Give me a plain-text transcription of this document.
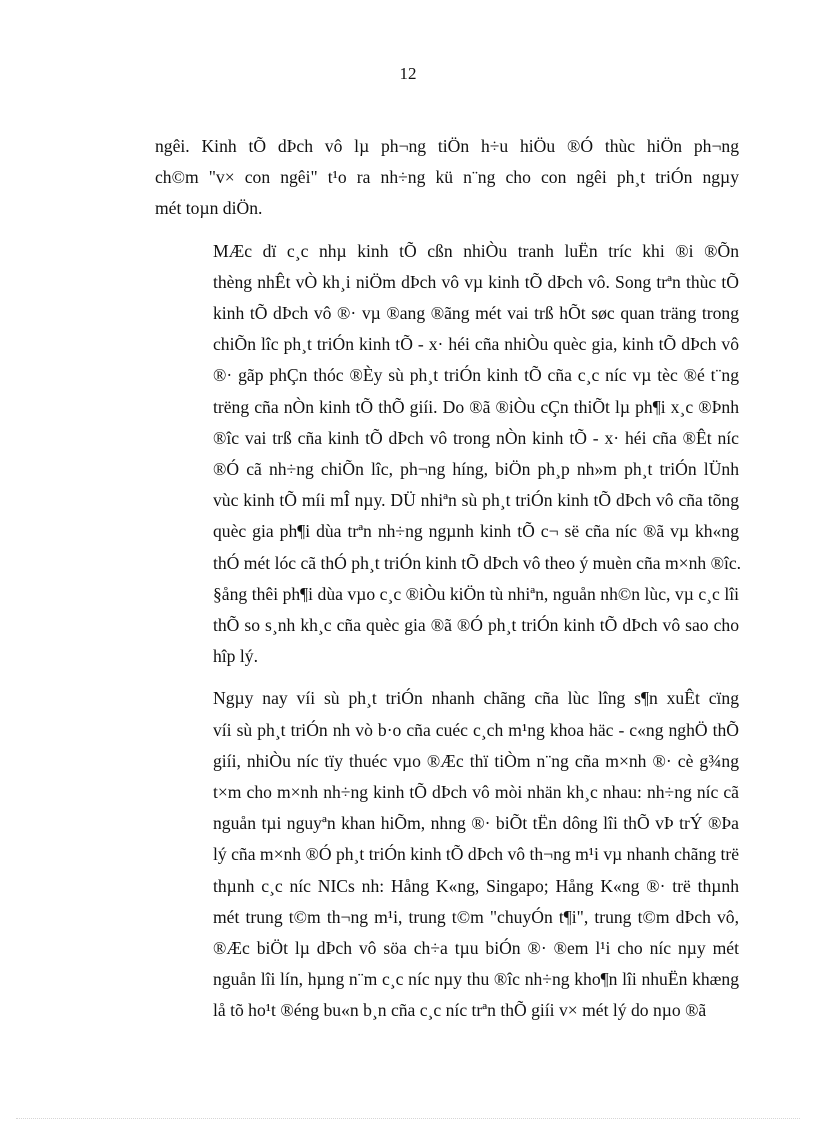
12
ngêi. Kinh tÕ dÞch vô lµ ph¬ng tiÖn h÷u hiÖu ®Ó thùc hiÖn ph¬ng
ch©m "v× con ngêi" t¹o ra nh÷ng kü n¨ng cho con ngêi ph¸t triÓn ngµy
mét toµn diÖn.
MÆc dï c¸c nhµ kinh tÕ cßn nhiÒu tranh luËn tríc khi ®i ®Õn
thèng nhÊt vÒ kh¸i niÖm dÞch vô vµ kinh tÕ dÞch vô. Song trªn thùc tÕ
kinh tÕ dÞch vô ®· vµ ®ang ®ãng mét vai trß hÕt søc quan träng trong
chiÕn lîc ph¸t triÓn kinh tÕ - x· héi cña nhiÒu quèc gia, kinh tÕ dÞch vô
®· gãp phÇn thóc ®Èy sù ph¸t triÓn kinh tÕ cña c¸c níc vµ tèc ®é t¨ng
trëng cña nÒn kinh tÕ thÕ giíi. Do ®ã ®iÒu cÇn thiÕt lµ ph¶i x¸c ®Þnh
®îc vai trß cña kinh tÕ dÞch vô trong nÒn kinh tÕ - x· héi cña ®Êt níc
®Ó cã nh÷ng chiÕn lîc, ph¬ng híng, biÖn ph¸p nh»m ph¸t triÓn lÜnh
vùc kinh tÕ míi mÎ nµy. DÜ nhiªn sù ph¸t triÓn kinh tÕ dÞch vô cña tõng
quèc gia ph¶i dùa trªn nh÷ng ngµnh kinh tÕ c¬ së cña níc ®ã vµ kh«ng
thÓ mét lóc cã thÓ ph¸t triÓn kinh tÕ dÞch vô theo ý muèn cña m×nh ®îc.
§ång thêi ph¶i dùa vµo c¸c ®iÒu kiÖn tù nhiªn, nguån nh©n lùc, vµ c¸c lîi
thÕ so s¸nh kh¸c cña quèc gia ®ã ®Ó ph¸t triÓn kinh tÕ dÞch vô sao cho
hîp lý.
Ngµy nay víi sù ph¸t triÓn nhanh chãng cña lùc lîng s¶n xuÊt cïng
víi sù ph¸t triÓn nh vò b·o cña cuéc c¸ch m¹ng khoa häc - c«ng nghÖ thÕ
giíi, nhiÒu níc tïy thuéc vµo ®Æc thï tiÒm n¨ng cña m×nh ®· cè g¾ng
t×m cho m×nh nh÷ng kinh tÕ dÞch vô mòi nhän kh¸c nhau: nh÷ng níc cã
nguån tµi nguyªn khan hiÕm, nhng ®· biÕt tËn dông lîi thÕ vÞ trÝ ®Þa
lý cña m×nh ®Ó ph¸t triÓn kinh tÕ dÞch vô th¬ng m¹i vµ nhanh chãng trë
thµnh c¸c níc NICs nh: Hång K«ng, Singapo; Hång K«ng ®· trë thµnh
mét trung t©m th¬ng m¹i, trung t©m "chuyÓn t¶i", trung t©m dÞch vô,
®Æc biÖt lµ dÞch vô söa ch÷a tµu biÓn ®· ®em l¹i cho níc nµy mét
nguån lîi lín, hµng n¨m c¸c níc nµy thu ®îc nh÷ng kho¶n lîi nhuËn khæng
lå tõ ho¹t ®éng bu«n b¸n cña c¸c níc trªn thÕ giíi v× mét lý do nµo ®ã
